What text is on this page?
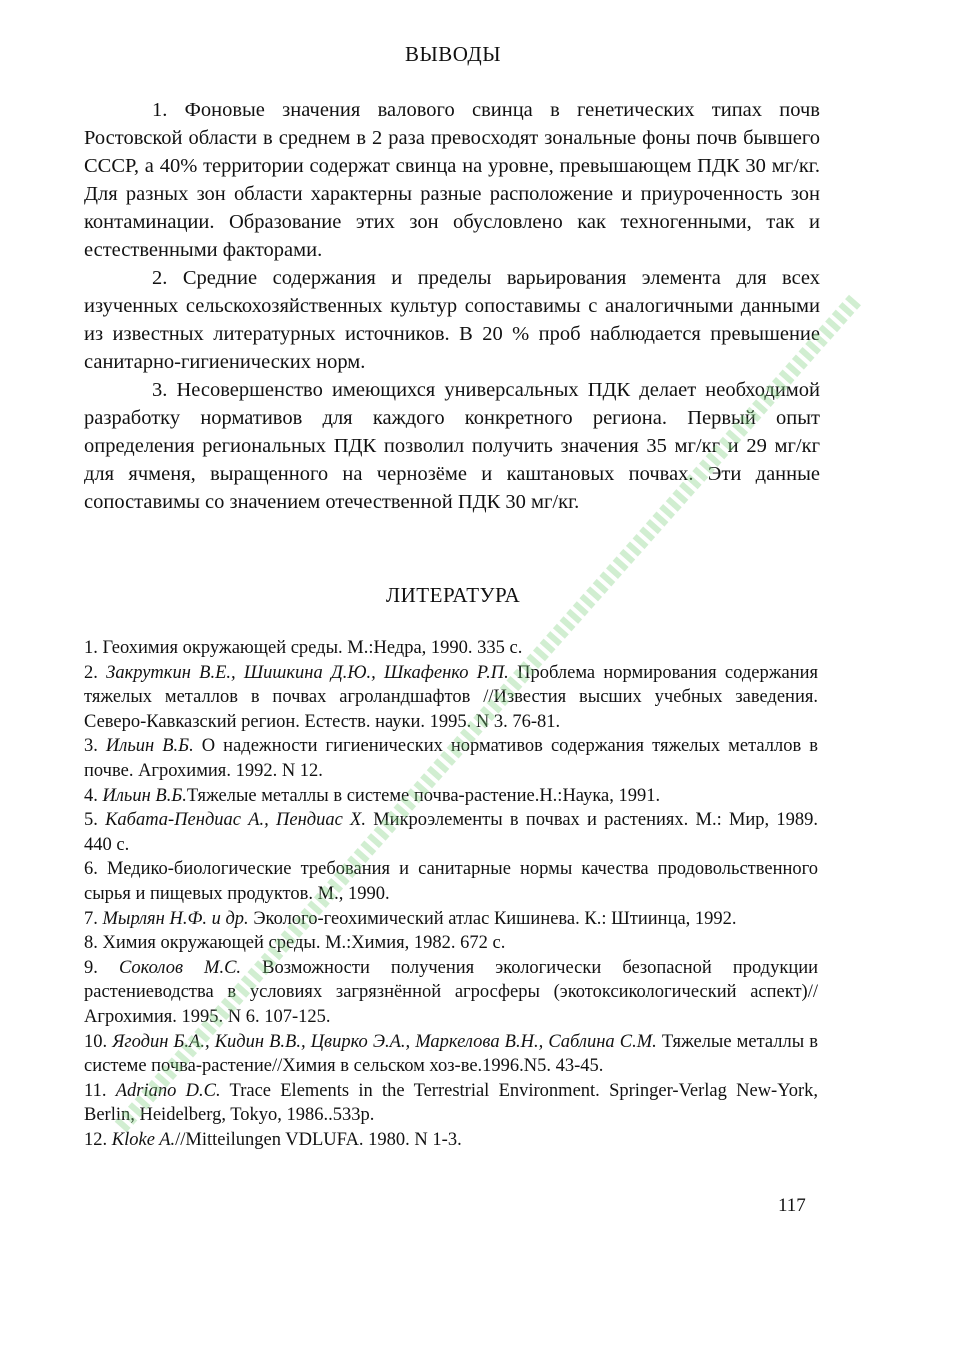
ВЫВОДЫ

1. Фоновые значения валового свинца в генетических типах почв Ростовской области в среднем в 2 раза превосходят зональные фоны почв бывшего СССР, а 40% территории содержат свинца на уровне, превышающем ПДК 30 мг/кг. Для разных зон области характерны разные расположение и приуроченность зон контаминации. Образование этих зон обусловлено как техногенными, так и естественными факторами.

2. Средние содержания и пределы варьирования элемента для всех изученных сельскохозяйственных культур сопоставимы с аналогичными данными из известных литературных источников. В 20 % проб наблюдается превышение санитарно-гигиенических норм.

3. Несовершенство имеющихся универсальных ПДК делает необходимой разработку нормативов для каждого конкретного региона. Первый опыт определения региональных ПДК позволил получить значения 35 мг/кг и 29 мг/кг для ячменя, выращенного на чернозёме и каштановых почвах. Эти данные сопоставимы со значением отечественной ПДК 30 мг/кг.

ЛИТЕРАТУРА

1. Геохимия окружающей среды. М.:Недра, 1990. 335 с.

2. Закруткин В.Е., Шишкина Д.Ю., Шкафенко Р.П. Проблема нормирования содержания тяжелых металлов в почвах агроландшафтов //Известия высших учебных заведения. Северо-Кавказский регион. Естеств. науки. 1995. N 3. 76-81.

3. Ильин В.Б. О надежности гигиенических нормативов содержания тяжелых металлов в почве. Агрохимия. 1992. N 12.

4. Ильин В.Б.Тяжелые металлы в системе почва-растение.Н.:Наука, 1991.

5. Кабата-Пендиас А., Пендиас Х. Микроэлементы в почвах и растениях. М.: Мир, 1989. 440 с.

6. Медико-биологические требования и санитарные нормы качества продовольственного сырья и пищевых продуктов. М., 1990.

7. Мырлян Н.Ф. и др. Эколого-геохимический атлас Кишинева. К.: Штиинца, 1992.

8. Химия окружающей среды. М.:Химия, 1982. 672 с.

9. Соколов М.С. Возможности получения экологически безопасной продукции растениеводства в условиях загрязнённой агросферы (экотоксикологический аспект)//Агрохимия. 1995. N 6. 107-125.

10. Ягодин Б.А., Кидин В.В., Цвирко Э.А., Маркелова В.Н., Саблина С.М. Тяжелые металлы в системе почва-растение//Химия в сельском хоз-ве.1996.N5. 43-45.

11. Adriano D.C. Trace Elements in the Terrestrial Environment. Springer-Verlag New-York, Berlin, Heidelberg, Tokyo, 1986..533p.

12. Kloke A.//Mitteilungen VDLUFA. 1980. N 1-3.

117
